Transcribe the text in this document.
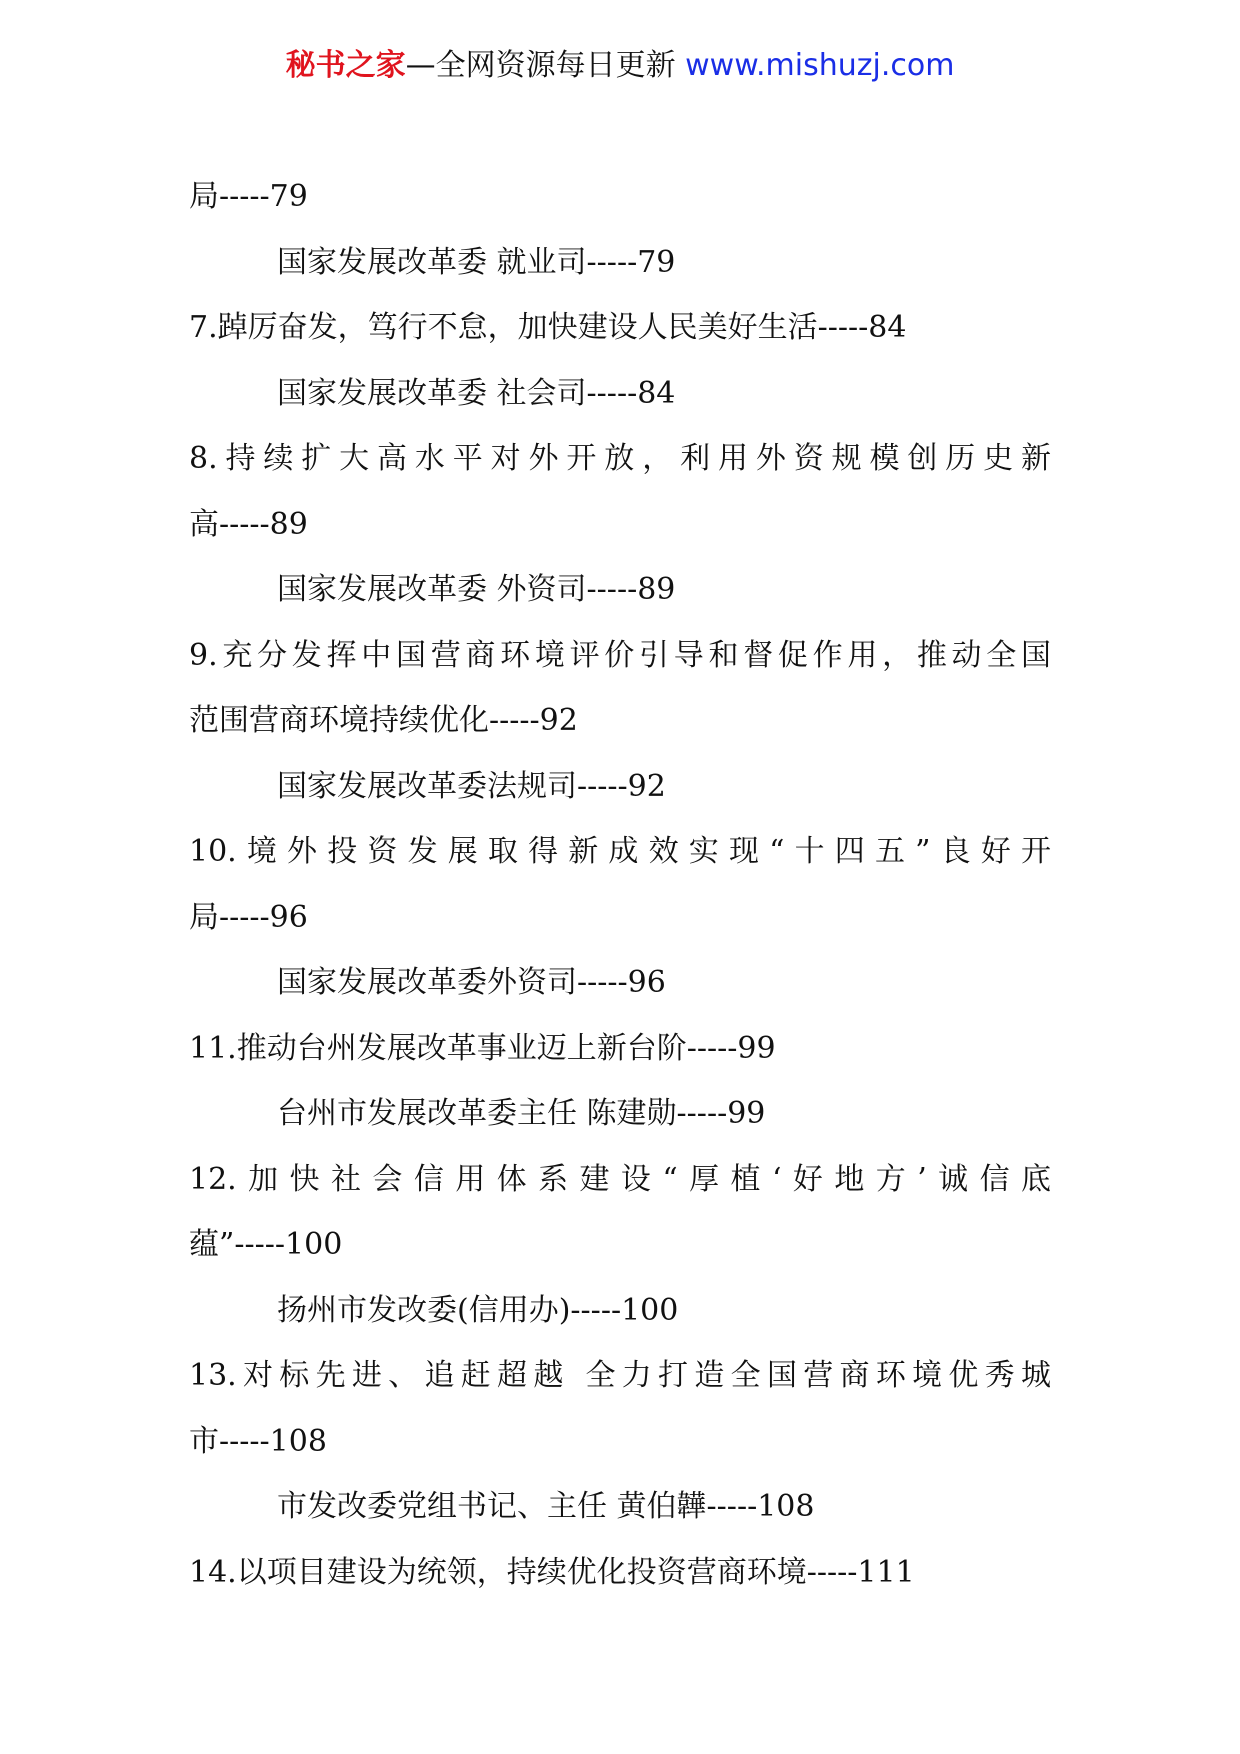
秘书之家—全网资源每日更新 www.mishuzj.com
局-----79
国家发展改革委 就业司-----79
7.踔厉奋发，笃行不怠，加快建设人民美好生活-----84
国家发展改革委 社会司-----84
8.持续扩大高水平对外开放，利用外资规模创历史新
高-----89
国家发展改革委 外资司-----89
9.充分发挥中国营商环境评价引导和督促作用，推动全国
范围营商环境持续优化-----92
国家发展改革委法规司-----92
10.境外投资发展取得新成效实现“十四五”良好开
局-----96
国家发展改革委外资司-----96
11.推动台州发展改革事业迈上新台阶-----99
台州市发展改革委主任 陈建勋-----99
12.加快社会信用体系建设“厚植‘好地方’诚信底
蕴”-----100
扬州市发改委(信用办)-----100
13.对标先进、追赶超越 全力打造全国营商环境优秀城
市-----108
市发改委党组书记、主任 黄伯韡-----108
14.以项目建设为统领，持续优化投资营商环境-----111
